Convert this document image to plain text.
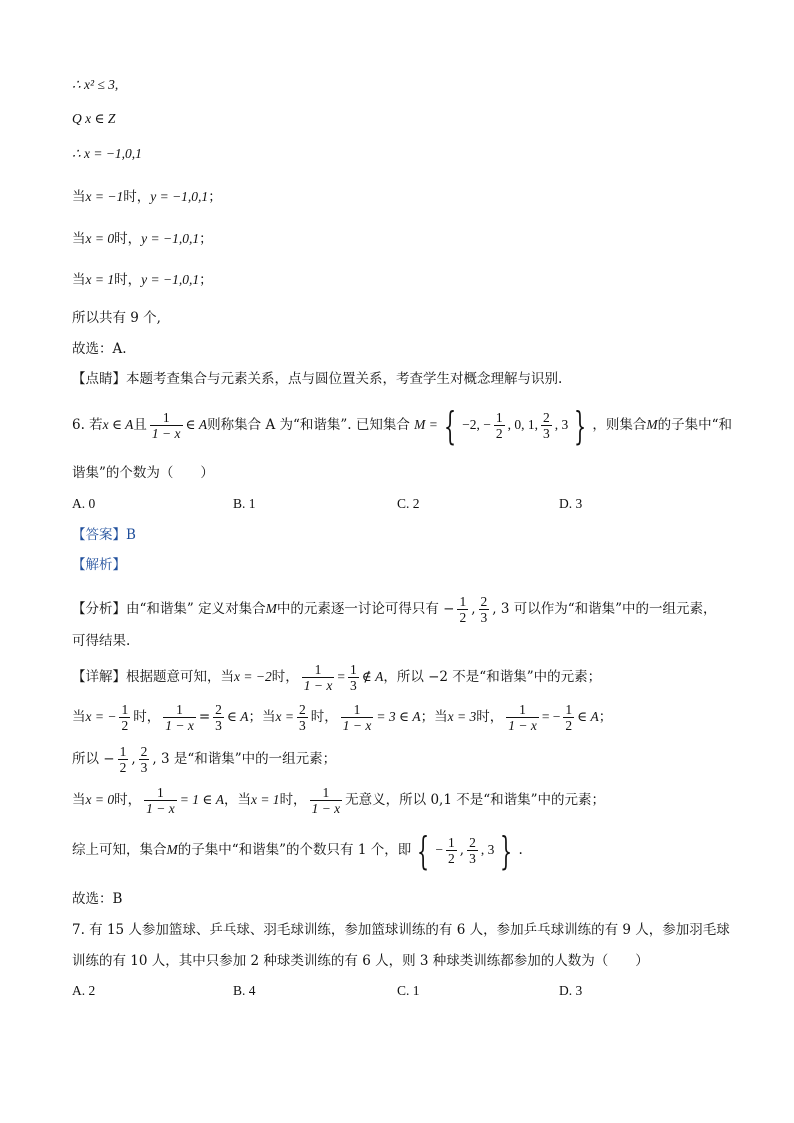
∴ x² ≤ 3,
Q x ∈ Z
∴ x = −1,0,1
当x = −1时，y = −1,0,1；
当x = 0时，y = −1,0,1；
当x = 1时，y = −1,0,1；
所以共有 9 个,
故选：A.
【点睛】本题考查集合与元素关系，点与圆位置关系，考查学生对概念理解与识别.
6. 若x ∈ A且 $\frac{1}{1 - x}$ ∈ A则称集合 A 为“和谐集”. 已知集合 M = { −2, − $\frac{1}{2}$ , 0, 1, $\frac{2}{3}$ , 3 } ，则集合M的子集中“和
谐集”的个数为（　　）
A. 0	B. 1	C. 2	D. 3
【答案】B
【解析】
【分析】由“和谐集” 定义对集合M中的元素逐一讨论可得只有 − $\frac{1}{2}$ , $\frac{2}{3}$ , 3 可以作为“和谐集”中的一组元素，
可得结果.
【详解】根据题意可知，当x = −2时， $\frac{1}{1 - x} = \frac{1}{3}$ ∉ A，所以 −2 不是“和谐集”中的元素；
当x = − $\frac{1}{2}$ 时， $\frac{1}{1 - x} = \frac{2}{3}$ ∈ A；当$x = \frac{2}{3}$ 时， $\frac{1}{1 - x} = 3$ ∈ A；当x = 3时， $\frac{1}{1 - x}$ = − $\frac{1}{2}$ ∈ A；
所以 − $\frac{1}{2}$ , $\frac{2}{3}$ , 3 是“和谐集”中的一组元素；
当x = 0时， $\frac{1}{1 - x} = 1$ ∈ A，当x = 1时， $\frac{1}{1 - x}$ 无意义，所以 0,1 不是“和谐集”中的元素；
综上可知，集合M的子集中“和谐集”的个数只有 1 个，即 { − $\frac{1}{2}$ , $\frac{2}{3}$ , 3 } .
故选：B
7. 有 15 人参加篮球、乒乓球、羽毛球训练，参加篮球训练的有 6 人，参加乒乓球训练的有 9 人，参加羽毛球
训练的有 10 人，其中只参加 2 种球类训练的有 6 人，则 3 种球类训练都参加的人数为（　　）
A. 2	B. 4	C. 1	D. 3
